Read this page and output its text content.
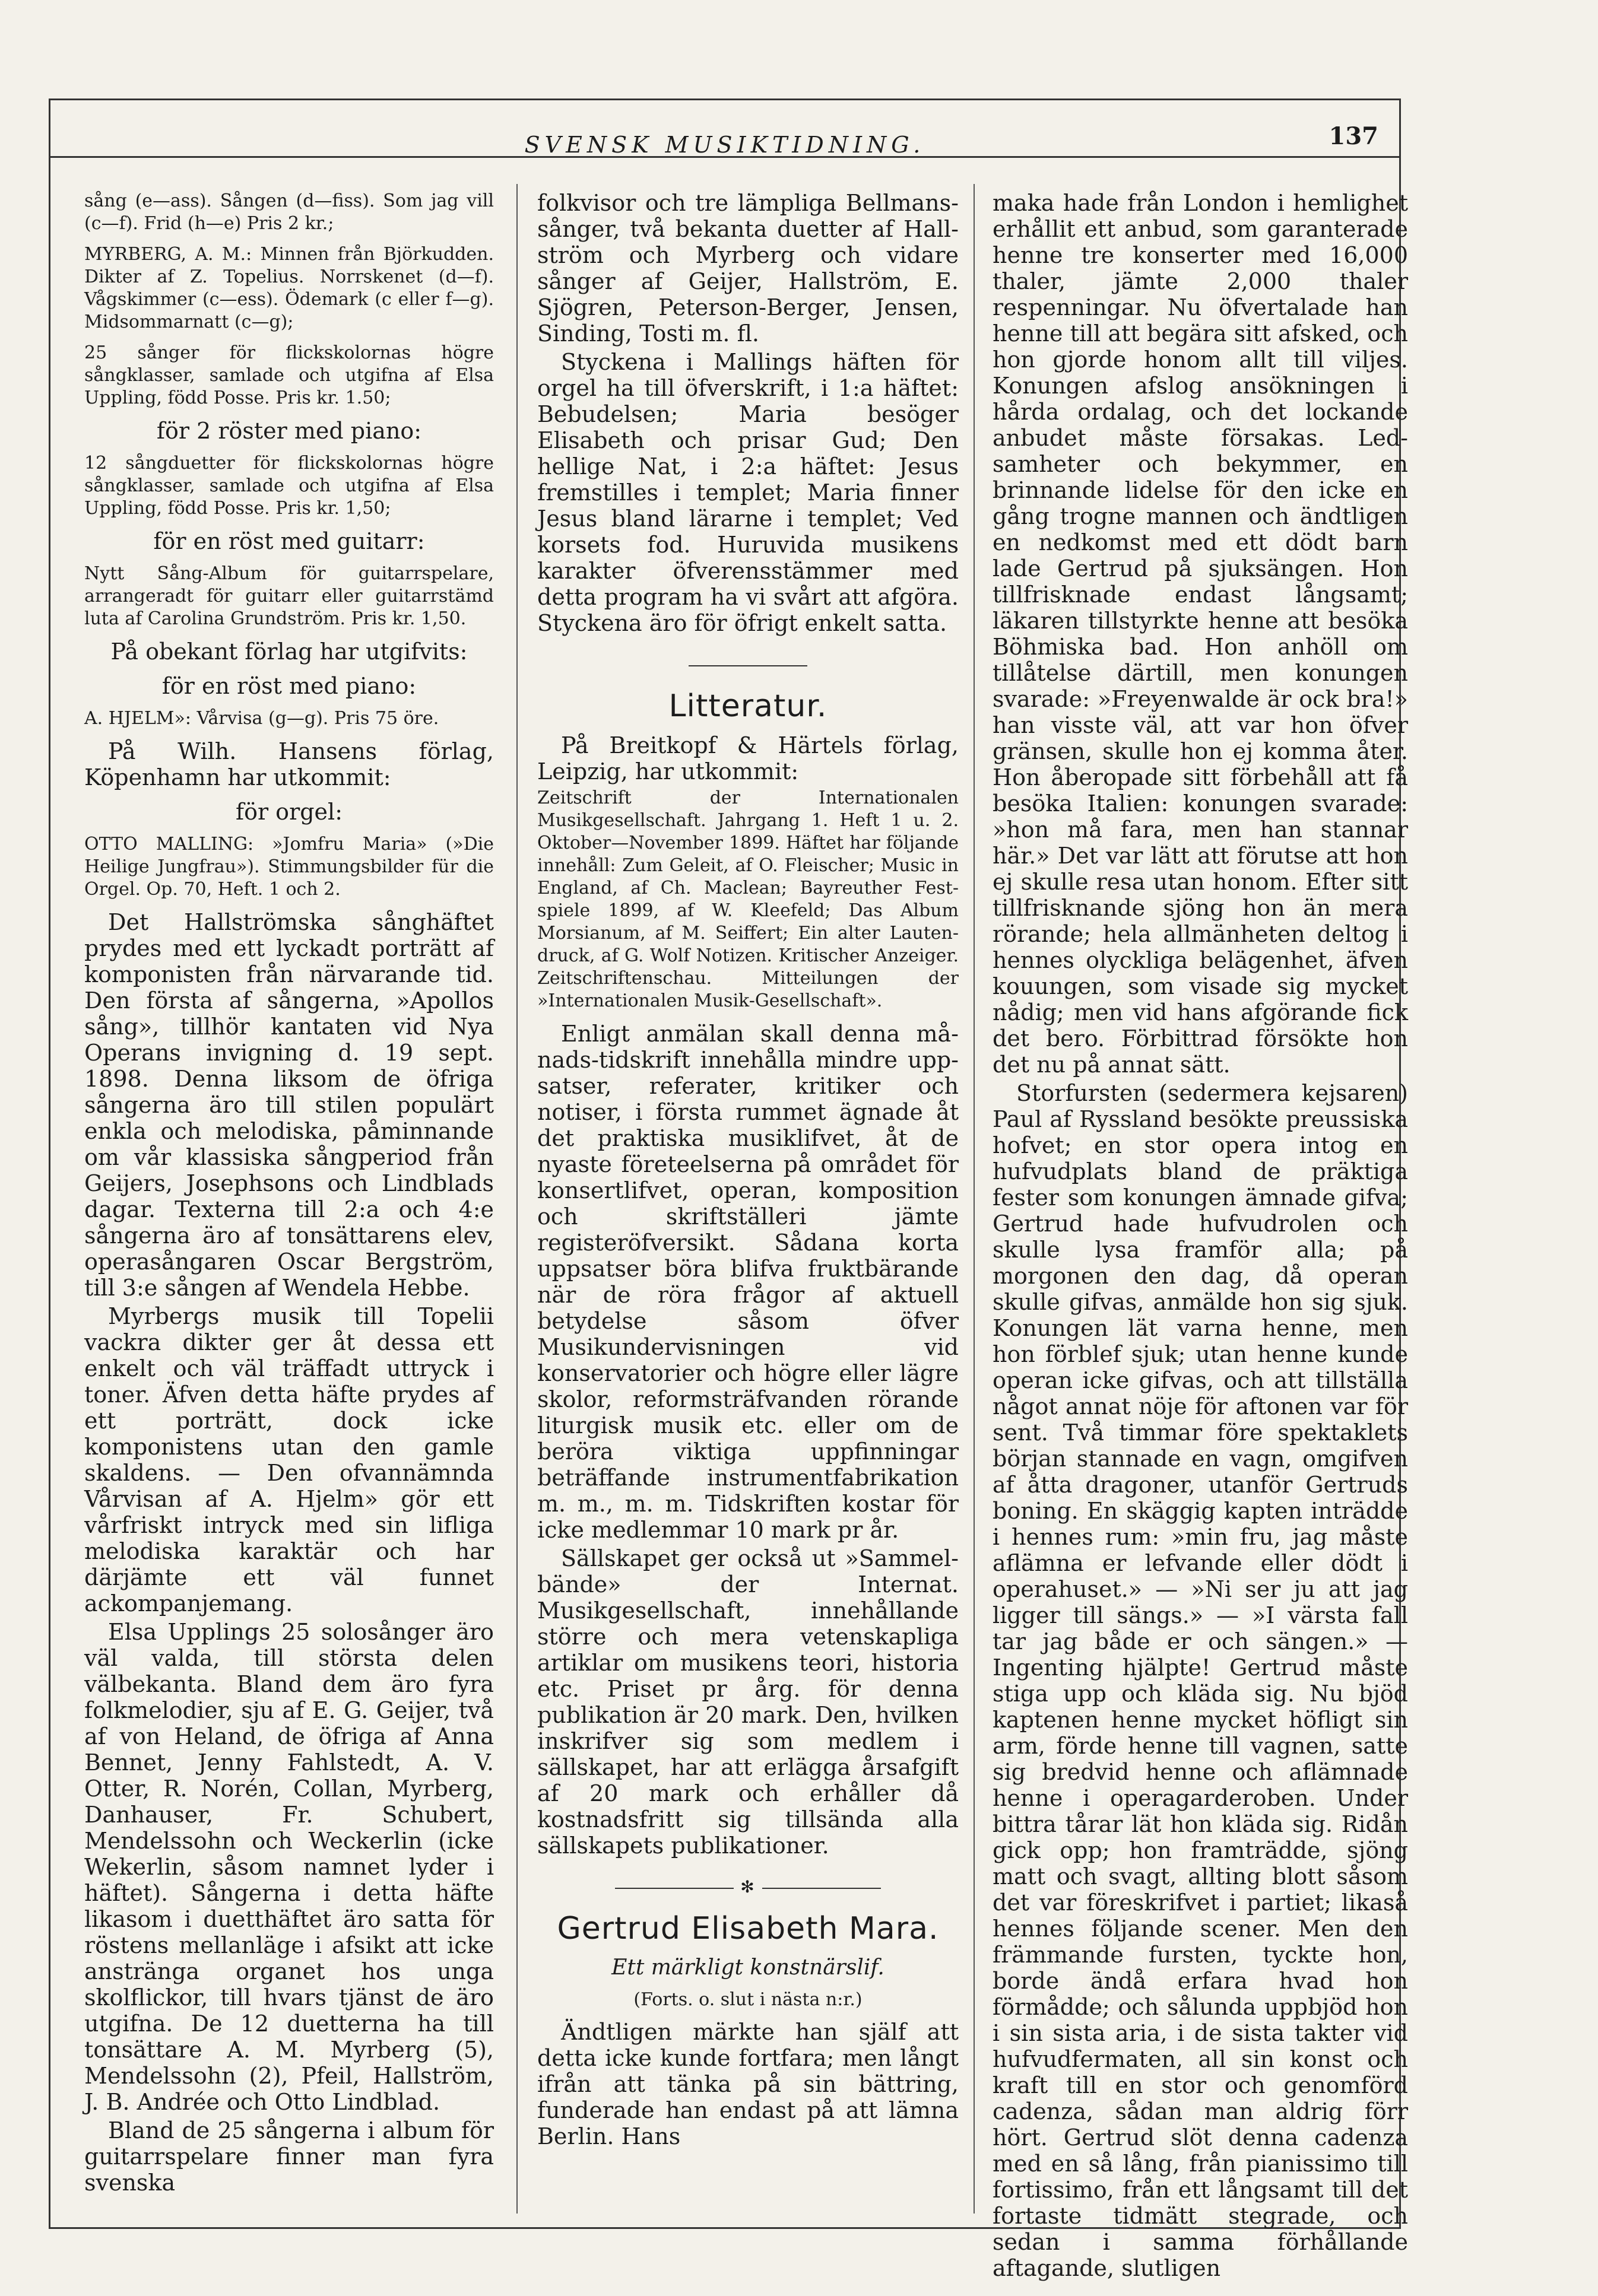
SVENSK MUSIKTIDNING.	137
sång (e—ass). Sången (d—fiss). Som jag vill (c—f). Frid (h—e) Pris 2 kr.;
MYRBERG, A. M.: Minnen från Björkudden. Dikter af Z. Topelius. Norrskenet (d—f). Vågskimmer (c—ess). Ödemark (c eller f—g). Midsommarnatt (c—g);
25 sånger för flickskolornas högre sångklasser, samlade och utgifna af Elsa Uppling, född Posse. Pris kr. 1.50;
för 2 röster med piano:
12 sångduetter för flickskolornas högre sångklasser, samlade och utgifna af Elsa Uppling, född Posse. Pris kr. 1,50;
för en röst med guitarr:
Nytt Sång-Album för guitarrspelare, arrangeradt för guitarr eller guitarrstämd luta af Carolina Grundström. Pris kr. 1,50.
På obekant förlag har utgifvits:
för en röst med piano:
A. HJELM»: Vårvisa (g—g). Pris 75 öre.

På Wilh. Hansens förlag, Köpenhamn har utkommit:

för orgel:
OTTO MALLING: »Jomfru Maria» (»Die Heilige Jungfrau»). Stimmungsbilder für die Orgel. Op. 70, Heft. 1 och 2.

Det Hallströmska sånghäftet prydes med ett lyckadt porträtt af komponisten från närvarande tid. Den första af sångerna, »Apollos sång», tillhör kantaten vid Nya Operans invigning d. 19 sept. 1898. Denna liksom de öfriga sångerna äro till stilen populärt enkla och melodiska, påminnande om vår klassiska sångperiod från Geijers, Josephsons och Lindblads dagar. Texterna till 2:a och 4:e sångerna äro af tonsättarens elev, operasångaren Oscar Bergström, till 3:e sången af Wendela Hebbe.

Myrbergs musik till Topelii vackra dikter ger åt dessa ett enkelt och väl träffadt uttryck i toner. Äfven detta häfte prydes af ett porträtt, dock icke komponistens utan den gamle skaldens. — Den ofvannämnda Vårvisan af A. Hjelm» gör ett vårfriskt intryck med sin lifliga melodiska karaktär och har därjämte ett väl funnet ackompanjemang.

Elsa Upplings 25 solosånger äro väl valda, till största delen välbekanta. Bland dem äro fyra folkmelodier, sju af E. G. Geijer, två af von Heland, de öfriga af Anna Bennet, Jenny Fahlstedt, A. V. Otter, R. Norén, Collan, Myrberg, Danhauser, Fr. Schubert, Mendelssohn och Weckerlin (icke Wekerlin, såsom namnet lyder i häftet). Sångerna i detta häfte likasom i duetthäftet äro satta för röstens mellanläge i afsikt att icke anstränga organet hos unga skolflickor, till hvars tjänst de äro utgifna. De 12 duetterna ha till tonsättare A. M. Myrberg (5), Mendelssohn (2), Pfeil, Hallström, J. B. Andrée och Otto Lindblad.

Bland de 25 sångerna i album för guitarrspelare finner man fyra svenska

folkvisor och tre lämpliga Bellmanssånger, två bekanta duetter af Hallström och Myrberg och vidare sånger af Geijer, Hallström, E. Sjögren, Peterson-Berger, Jensen, Sinding, Tosti m. fl.

Styckena i Mallings häften för orgel ha till öfverskrift, i 1:a häftet: Bebudelsen; Maria besöger Elisabeth och prisar Gud; Den hellige Nat, i 2:a häftet: Jesus fremstilles i templet; Maria finner Jesus bland lärarne i templet; Ved korsets fod. Huruvida musikens karakter öfverensstämmer med detta program ha vi svårt att afgöra. Styckena äro för öfrigt enkelt satta.

Litteratur.

På Breitkopf & Härtels förlag, Leipzig, har utkommit:

Zeitschrift der Internationalen Musikgesellschaft. Jahrgang 1. Heft 1 u. 2. Oktober—November 1899. Häftet har följande innehåll: Zum Geleit, af O. Fleischer; Music in England, af Ch. Maclean; Bayreuther Festspiele 1899, af W. Kleefeld; Das Album Morsianum, af M. Seiffert; Ein alter Lautendruck, af G. Wolf Notizen. Kritischer Anzeiger. Zeitschriftenschau. Mitteilungen der »Internationalen Musik-Gesellschaft».

Enligt anmälan skall denna månads-tidskrift innehålla mindre uppsatser, referater, kritiker och notiser, i första rummet ägnade åt det praktiska musiklifvet, åt de nyaste företeelserna på området för konsertlifvet, operan, komposition och skriftställeri jämte registeröfversikt. Sådana korta uppsatser böra blifva fruktbärande när de röra frågor af aktuell betydelse såsom öfver Musikundervisningen vid konservatorier och högre eller lägre skolor, reformsträfvanden rörande liturgisk musik etc. eller om de beröra viktiga uppfinningar beträffande instrumentfabrikation m. m., m. m. Tidskriften kostar för icke medlemmar 10 mark pr år.

Sällskapet ger också ut »Sammelbände» der Internat. Musikgesellschaft, innehållande större och mera vetenskapliga artiklar om musikens teori, historia etc. Priset pr årg. för denna publikation är 20 mark. Den, hvilken inskrifver sig som medlem i sällskapet, har att erlägga årsafgift af 20 mark och erhåller då kostnadsfritt sig tillsända alla sällskapets publikationer.

✻
Gertrud Elisabeth Mara.
Ett märkligt konstnärslif.
(Forts. o. slut i nästa n:r.)

Ändtligen märkte han själf att detta icke kunde fortfara; men långt ifrån att tänka på sin bättring, funderade han endast på att lämna Berlin. Hans

maka hade från London i hemlighet erhållit ett anbud, som garanterade henne tre konserter med 16,000 thaler, jämte 2,000 thaler respenningar. Nu öfvertalade han henne till att begära sitt afsked, och hon gjorde honom allt till viljes. Konungen afslog ansökningen i hårda ordalag, och det lockande anbudet måste försakas. Ledsamheter och bekymmer, en brinnande lidelse för den icke en gång trogne mannen och ändtligen en nedkomst med ett dödt barn lade Gertrud på sjuksängen. Hon tillfrisknade endast långsamt; läkaren tillstyrkte henne att besöka Böhmiska bad. Hon anhöll om tillåtelse därtill, men konungen svarade: »Freyenwalde är ock bra!» han visste väl, att var hon öfver gränsen, skulle hon ej komma åter. Hon åberopade sitt förbehåll att få besöka Italien: konungen svarade: »hon må fara, men han stannar här.» Det var lätt att förutse att hon ej skulle resa utan honom. Efter sitt tillfrisknande sjöng hon än mera rörande; hela allmänheten deltog i hennes olyckliga belägenhet, äfven kouungen, som visade sig mycket nådig; men vid hans afgörande fick det bero. Förbittrad försökte hon det nu på annat sätt.

Storfursten (sedermera kejsaren) Paul af Ryssland besökte preussiska hofvet; en stor opera intog en hufvudplats bland de präktiga fester som konungen ämnade gifva; Gertrud hade hufvudrolen och skulle lysa framför alla; på morgonen den dag, då operan skulle gifvas, anmälde hon sig sjuk. Konungen lät varna henne, men hon förblef sjuk; utan henne kunde operan icke gifvas, och att tillställa något annat nöje för aftonen var för sent. Två timmar före spektaklets början stannade en vagn, omgifven af åtta dragoner, utanför Gertruds boning. En skäggig kapten inträdde i hennes rum: »min fru, jag måste aflämna er lefvande eller dödt i operahuset.» — »Ni ser ju att jag ligger till sängs.» — »I värsta fall tar jag både er och sängen.» — Ingenting hjälpte! Gertrud måste stiga upp och kläda sig. Nu bjöd kaptenen henne mycket höfligt sin arm, förde henne till vagnen, satte sig bredvid henne och aflämnade henne i operagarderoben. Under bittra tårar lät hon kläda sig. Ridån gick opp; hon framträdde, sjöng matt och svagt, allting blott såsom det var föreskrifvet i partiet; likaså hennes följande scener. Men den främmande fursten, tyckte hon, borde ändå erfara hvad hon förmådde; och sålunda uppbjöd hon i sin sista aria, i de sista takter vid hufvudfermaten, all sin konst och kraft till en stor och genomförd cadenza, sådan man aldrig förr hört. Gertrud slöt denna cadenza med en så lång, från pianissimo till fortissimo, från ett långsamt till det fortaste tidmätt stegrade, och sedan i samma förhållande aftagande, slutligen
